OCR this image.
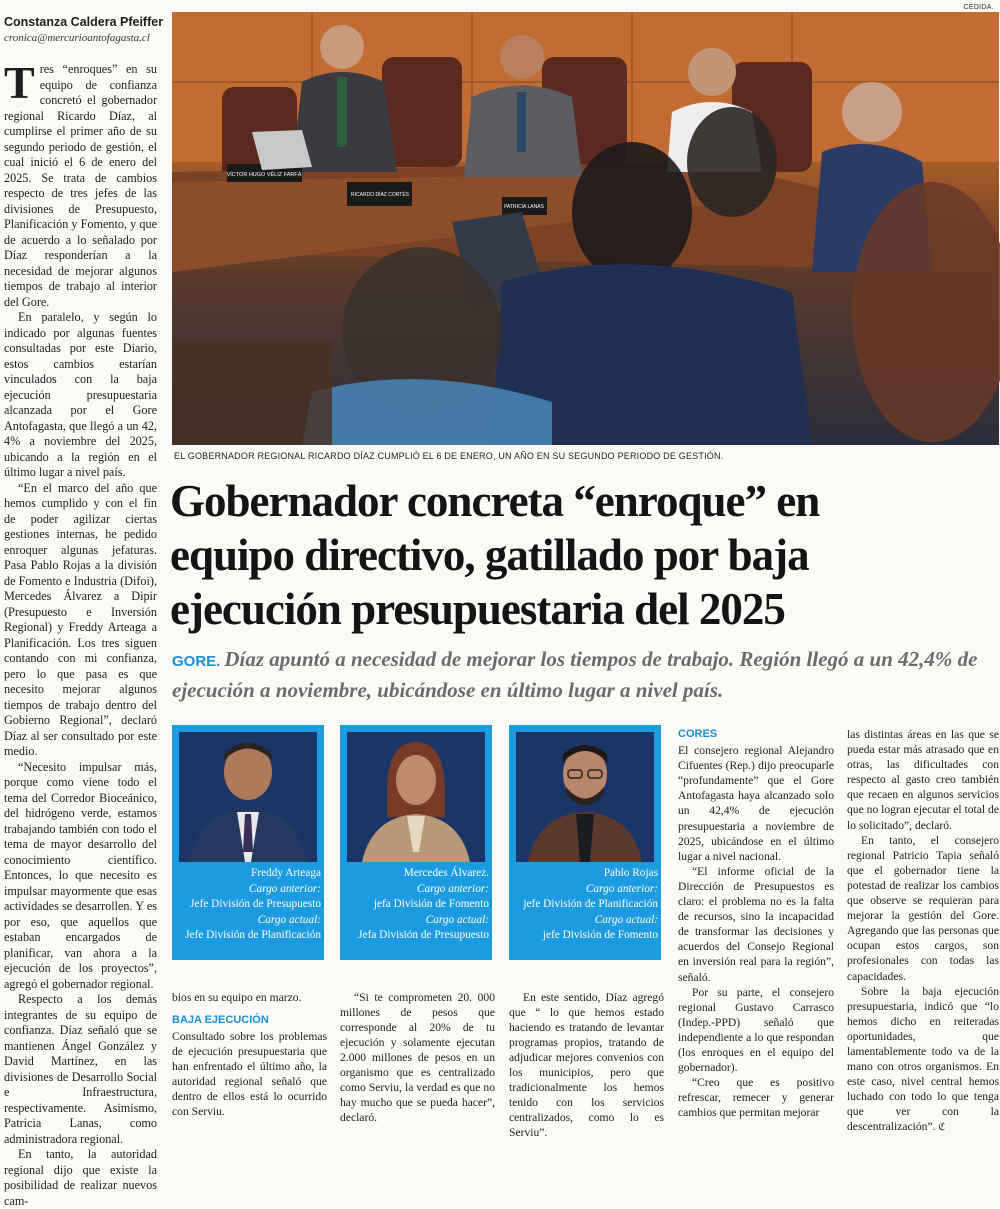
CEDIDA.
Constanza Caldera Pfeiffer
cronica@mercurioantofagasta.cl

Tres “enroques” en su equipo de confianza concretó el gobernador regional Ricardo Díaz, al cumplirse el primer año de su segundo periodo de gestión, el cual inició el 6 de enero del 2025. Se trata de cambios respecto de tres jefes de las divisiones de Presupuesto, Planificación y Fomento, y que de acuerdo a lo señalado por Díaz responderían a la necesidad de mejorar algunos tiempos de trabajo al interior del Gore.

En paralelo, y según lo indicado por algunas fuentes consultadas por este Diario, estos cambios estarían vinculados con la baja ejecución presupuestaria alcanzada por el Gore Antofagasta, que llegó a un 42, 4% a noviembre del 2025, ubicando a la región en el último lugar a nivel país.

“En el marco del año que hemos cumplido y con el fin de poder agilizar ciertas gestiones internas, he pedido enroquer algunas jefaturas. Pasa Pablo Rojas a la división de Fomento e Industria (Difoi), Mercedes Álvarez a Dipir (Presupuesto e Inversión Regional) y Freddy Arteaga a Planificación. Los tres siguen contando con mi confianza, pero lo que pasa es que necesito mejorar algunos tiempos de trabajo dentro del Gobierno Regional”, declaró Díaz al ser consultado por este medio.

“Necesito impulsar más, porque como viene todo el tema del Corredor Bioceánico, del hidrógeno verde, estamos trabajando también con todo el tema de mayor desarrollo del conocimiento científico. Entonces, lo que necesito es impulsar mayormente que esas actividades se desarrollen. Y es por eso, que aquellos que estaban encargados de planificar, van ahora a la ejecución de los proyectos”, agregó el gobernador regional.

Respecto a los demás integrantes de su equipo de confianza. Díaz señaló que se mantienen Ángel González y David Martínez, en las divisiones de Desarrollo Social e Infraestructura, respectivamente. Asimismo, Patricia Lanas, como administradora regional.

En tanto, la autoridad regional dijo que existe la posibilidad de realizar nuevos cam-

VÍCTOR HUGO VÉLIZ FARFÁ
RICARDO DÍAZ CORTÉS
PATRICIA LANAS
EL GOBERNADOR REGIONAL RICARDO DÍAZ CUMPLIÓ EL 6 DE ENERO, UN AÑO EN SU SEGUNDO PERIODO DE GESTIÓN.
Gobernador concreta “enroque” en
equipo directivo, gatillado por baja
ejecución presupuestaria del 2025
GORE. Díaz apuntó a necesidad de mejorar los tiempos de trabajo. Región llegó a un 42,4% de ejecución a noviembre, ubicándose en último lugar a nivel país.
Freddy Arteaga
Cargo anterior:
Jefe División de Presupuesto
Cargo actual:
Jefe División de Planificación
Mercedes Álvarez.
Cargo anterior:
jefa División de Fomento
Cargo actual:
Jefa División de Presupuesto
Pablo Rojas
Cargo anterior:
jefe División de Planificación
Cargo actual:
jefe División de Fomento

bios en su equipo en marzo.

BAJA EJECUCIÓN

Consultado sobre los problemas de ejecución presupuestaria que han enfrentado el último año, la autoridad regional señaló que dentro de ellos está lo ocurrido con Serviu.

“Si te comprometen 20. 000 millones de pesos que corresponde al 20% de tu ejecución y solamente ejecutan 2.000 millones de pesos en un organismo que es centralizado como Serviu, la verdad es que no hay mucho que se pueda hacer”, declaró.

En este sentido, Díaz agregó que “ lo que hemos estado haciendo es tratando de levantar programas propios, tratando de adjudicar mejores convenios con los municipios, pero que tradicionalmente los hemos tenido con los servicios centralizados, como lo es Serviu”.

CORES

El consejero regional Alejandro Cifuentes (Rep.) dijo preocuparle “profundamente” que el Gore Antofagasta haya alcanzado solo un 42,4% de ejecución presupuestaria a noviembre de 2025, ubicándose en el último lugar a nivel nacional.

“El informe oficial de la Dirección de Presupuestos es claro: el problema no es la falta de recursos, sino la incapacidad de transformar las decisiones y acuerdos del Consejo Regional en inversión real para la región”, señaló.

Por su parte, el consejero regional Gustavo Carrasco (Indep.-PPD) señaló que independiente a lo que respondan (los enroques en el equipo del gobernador).

“Creo que es positivo refrescar, remecer y generar cambios que permitan mejorar

las distintas áreas en las que se pueda estar más atrasado que en otras, las dificultades con respecto al gasto creo también que recaen en algunos servicios que no logran ejecutar el total de lo solicitado”, declaró.

En tanto, el consejero regional Patricio Tapia señaló que el gobernador tiene la potestad de realizar los cambios que observe se requieran para mejorar la gestión del Gore. Agregando que las personas que ocupan estos cargos, son profesionales con todas las capacidades.

Sobre la baja ejecución presupuestaria, indicó que “lo hemos dicho en reiteradas oportunidades, que lamentablemente todo va de la mano con otros organismos. En este caso, nivel central hemos luchado con todo lo que tenga que ver con la descentralización”. ℭ
